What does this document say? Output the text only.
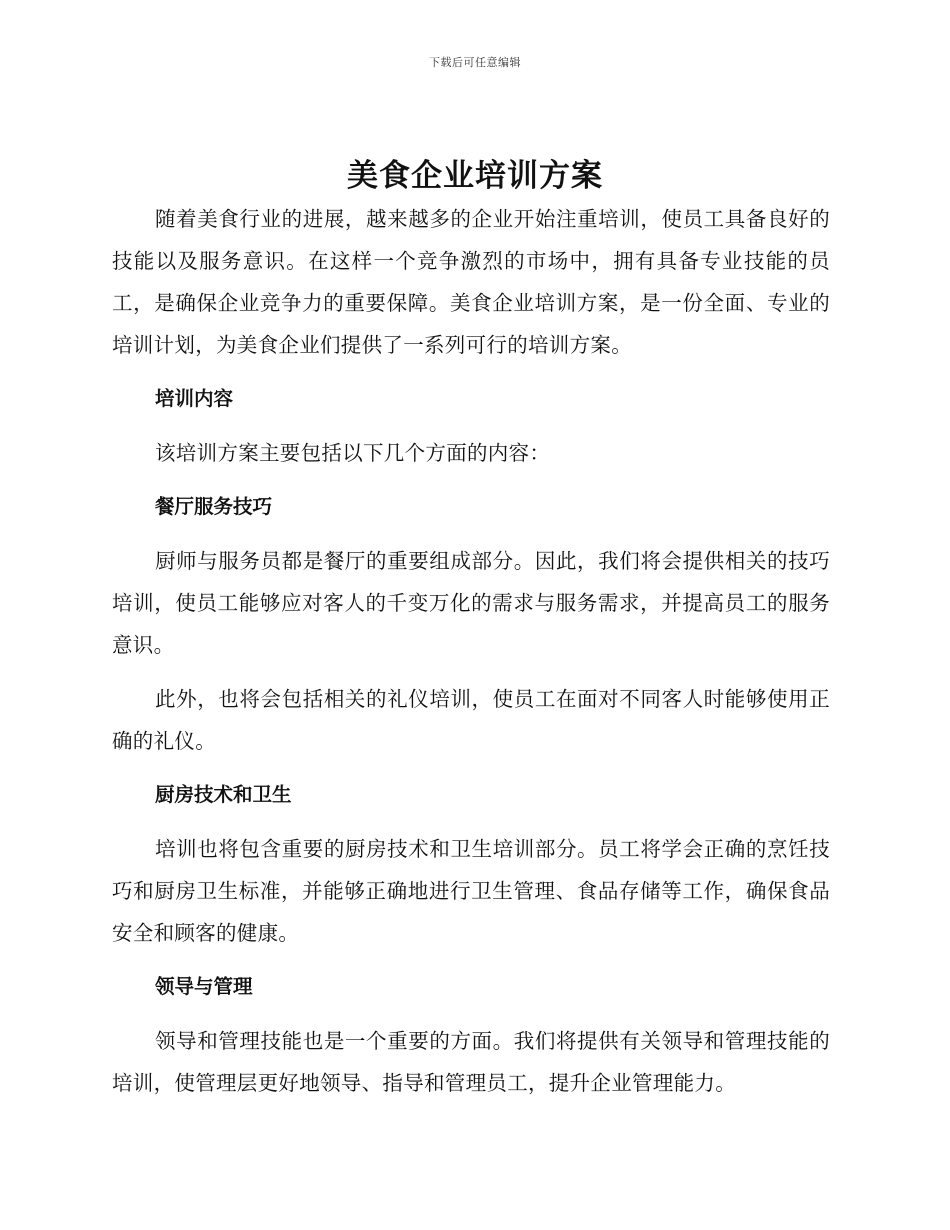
下载后可任意编辑
美食企业培训方案

随着美食行业的进展，越来越多的企业开始注重培训，使员工具备良好的技能以及服务意识。在这样一个竞争激烈的市场中，拥有具备专业技能的员工，是确保企业竞争力的重要保障。美食企业培训方案，是一份全面、专业的培训计划，为美食企业们提供了一系列可行的培训方案。

培训内容

该培训方案主要包括以下几个方面的内容：

餐厅服务技巧

厨师与服务员都是餐厅的重要组成部分。因此，我们将会提供相关的技巧培训，使员工能够应对客人的千变万化的需求与服务需求，并提高员工的服务意识。

此外，也将会包括相关的礼仪培训，使员工在面对不同客人时能够使用正确的礼仪。

厨房技术和卫生

培训也将包含重要的厨房技术和卫生培训部分。员工将学会正确的烹饪技巧和厨房卫生标准，并能够正确地进行卫生管理、食品存储等工作，确保食品安全和顾客的健康。

领导与管理

领导和管理技能也是一个重要的方面。我们将提供有关领导和管理技能的培训，使管理层更好地领导、指导和管理员工，提升企业管理能力。
